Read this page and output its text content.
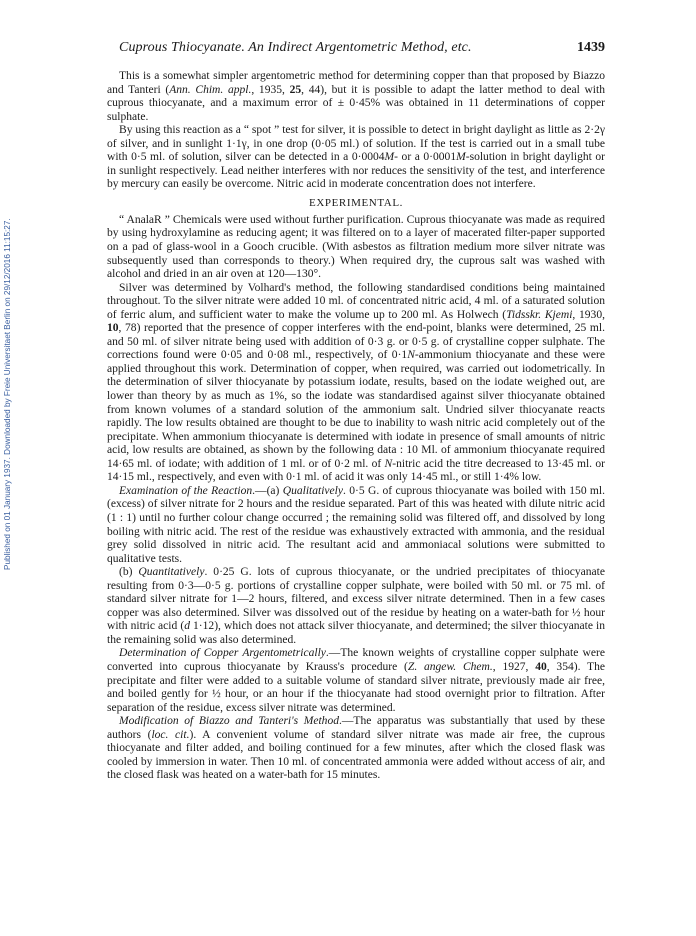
Published on 01 January 1937. Downloaded by Freie Universitaet Berlin on 29/12/2016 11:15:27.
Cuprous Thiocyanate. An Indirect Argentometric Method, etc.	1439

This is a somewhat simpler argentometric method for determining copper than that proposed by Biazzo and Tanteri (Ann. Chim. appl., 1935, 25, 44), but it is possible to adapt the latter method to deal with cuprous thiocyanate, and a maximum error of ± 0·45% was obtained in 11 determinations of copper sulphate.

By using this reaction as a “ spot ” test for silver, it is possible to detect in bright daylight as little as 2·2γ of silver, and in sunlight 1·1γ, in one drop (0·05 ml.) of solution. If the test is carried out in a small tube with 0·5 ml. of solution, silver can be detected in a 0·0004M- or a 0·0001M-solution in bright daylight or in sunlight respectively. Lead neither interferes with nor reduces the sensitivity of the test, and interference by mercury can easily be overcome. Nitric acid in moderate concentration does not interfere.

EXPERIMENTAL.

“ AnalaR ” Chemicals were used without further purification. Cuprous thiocyanate was made as required by using hydroxylamine as reducing agent; it was filtered on to a layer of macerated filter-paper supported on a pad of glass-wool in a Gooch crucible. (With asbestos as filtration medium more silver nitrate was subsequently used than corresponds to theory.) When required dry, the cuprous salt was washed with alcohol and dried in an air oven at 120—130°.

Silver was determined by Volhard's method, the following standardised conditions being maintained throughout. To the silver nitrate were added 10 ml. of concentrated nitric acid, 4 ml. of a saturated solution of ferric alum, and sufficient water to make the volume up to 200 ml. As Holwech (Tidsskr. Kjemi, 1930, 10, 78) reported that the presence of copper interferes with the end-point, blanks were determined, 25 ml. and 50 ml. of silver nitrate being used with addition of 0·3 g. or 0·5 g. of crystalline copper sulphate. The corrections found were 0·05 and 0·08 ml., respectively, of 0·1N-ammonium thiocyanate and these were applied throughout this work. Determination of copper, when required, was carried out iodometrically. In the determination of silver thiocyanate by potassium iodate, results, based on the iodate weighed out, are lower than theory by as much as 1%, so the iodate was standardised against silver thiocyanate obtained from known volumes of a standard solution of the ammonium salt. Undried silver thiocyanate reacts rapidly. The low results obtained are thought to be due to inability to wash nitric acid completely out of the precipitate. When ammonium thiocyanate is determined with iodate in presence of small amounts of nitric acid, low results are obtained, as shown by the following data : 10 Ml. of ammonium thiocyanate required 14·65 ml. of iodate; with addition of 1 ml. or of 0·2 ml. of N-nitric acid the titre decreased to 13·45 ml. or 14·15 ml., respectively, and even with 0·1 ml. of acid it was only 14·45 ml., or still 1·4% low.

Examination of the Reaction.—(a) Qualitatively. 0·5 G. of cuprous thiocyanate was boiled with 150 ml. (excess) of silver nitrate for 2 hours and the residue separated. Part of this was heated with dilute nitric acid (1 : 1) until no further colour change occurred ; the remaining solid was filtered off, and dissolved by long boiling with nitric acid. The rest of the residue was exhaustively extracted with ammonia, and the residual grey solid dissolved in nitric acid. The resultant acid and ammoniacal solutions were submitted to qualitative tests.

(b) Quantitatively. 0·25 G. lots of cuprous thiocyanate, or the undried precipitates of thiocyanate resulting from 0·3—0·5 g. portions of crystalline copper sulphate, were boiled with 50 ml. or 75 ml. of standard silver nitrate for 1—2 hours, filtered, and excess silver nitrate determined. Then in a few cases copper was also determined. Silver was dissolved out of the residue by heating on a water-bath for ½ hour with nitric acid (d 1·12), which does not attack silver thiocyanate, and determined; the silver thiocyanate in the remaining solid was also determined.

Determination of Copper Argentometrically.—The known weights of crystalline copper sulphate were converted into cuprous thiocyanate by Krauss's procedure (Z. angew. Chem., 1927, 40, 354). The precipitate and filter were added to a suitable volume of standard silver nitrate, previously made air free, and boiled gently for ½ hour, or an hour if the thiocyanate had stood overnight prior to filtration. After separation of the residue, excess silver nitrate was determined.

Modification of Biazzo and Tanteri's Method.—The apparatus was substantially that used by these authors (loc. cit.). A convenient volume of standard silver nitrate was made air free, the cuprous thiocyanate and filter added, and boiling continued for a few minutes, after which the closed flask was cooled by immersion in water. Then 10 ml. of concentrated ammonia were added without access of air, and the closed flask was heated on a water-bath for 15 minutes.
